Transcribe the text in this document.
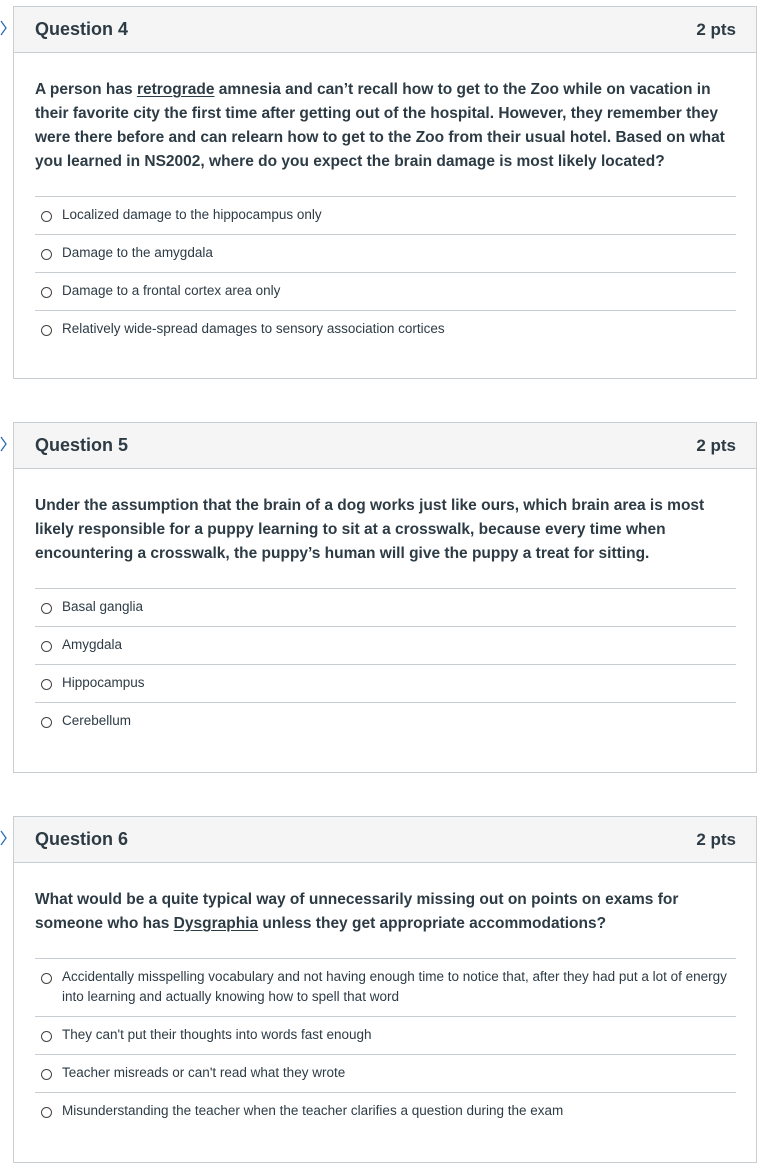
Question 4	2 pts

A person has retrograde amnesia and can’t recall how to get to the Zoo while on vacation in their favorite city the first time after getting out of the hospital. However, they remember they were there before and can relearn how to get to the Zoo from their usual hotel. Based on what you learned in NS2002, where do you expect the brain damage is most likely located?

Localized damage to the hippocampus only
Damage to the amygdala
Damage to a frontal cortex area only
Relatively wide-spread damages to sensory association cortices
Question 5	2 pts

Under the assumption that the brain of a dog works just like ours, which brain area is most likely responsible for a puppy learning to sit at a crosswalk, because every time when encountering a crosswalk, the puppy’s human will give the puppy a treat for sitting.

Basal ganglia
Amygdala
Hippocampus
Cerebellum
Question 6	2 pts

What would be a quite typical way of unnecessarily missing out on points on exams for someone who has Dysgraphia unless they get appropriate accommodations?

Accidentally misspelling vocabulary and not having enough time to notice that, after they had put a lot of energy into learning and actually knowing how to spell that word
They can't put their thoughts into words fast enough
Teacher misreads or can't read what they wrote
Misunderstanding the teacher when the teacher clarifies a question during the exam
